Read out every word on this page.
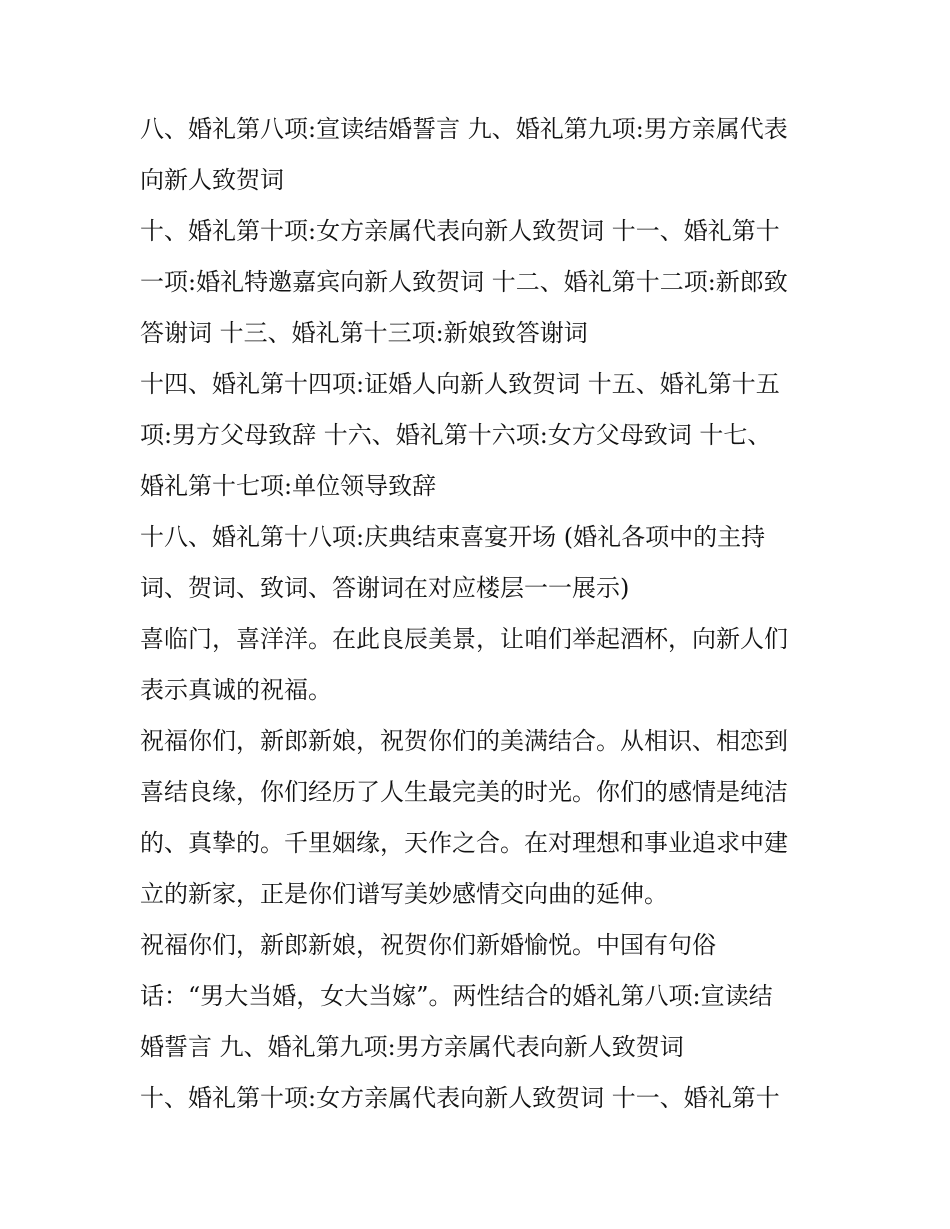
八、婚礼第八项:宣读结婚誓言 九、婚礼第九项:男方亲属代表
向新人致贺词
十、婚礼第十项:女方亲属代表向新人致贺词 十一、婚礼第十
一项:婚礼特邀嘉宾向新人致贺词 十二、婚礼第十二项:新郎致
答谢词 十三、婚礼第十三项:新娘致答谢词
十四、婚礼第十四项:证婚人向新人致贺词 十五、婚礼第十五
项:男方父母致辞 十六、婚礼第十六项:女方父母致词 十七、
婚礼第十七项:单位领导致辞
十八、婚礼第十八项:庆典结束喜宴开场 (婚礼各项中的主持
词、贺词、致词、答谢词在对应楼层一一展示)
喜临门，喜洋洋。在此良辰美景，让咱们举起酒杯，向新人们
表示真诚的祝福。
祝福你们，新郎新娘，祝贺你们的美满结合。从相识、相恋到
喜结良缘，你们经历了人生最完美的时光。你们的感情是纯洁
的、真挚的。千里姻缘，天作之合。在对理想和事业追求中建
立的新家，正是你们谱写美妙感情交向曲的延伸。
祝福你们，新郎新娘，祝贺你们新婚愉悦。中国有句俗
话：“男大当婚，女大当嫁”。两性结合的婚礼第八项:宣读结
婚誓言 九、婚礼第九项:男方亲属代表向新人致贺词
十、婚礼第十项:女方亲属代表向新人致贺词 十一、婚礼第十
